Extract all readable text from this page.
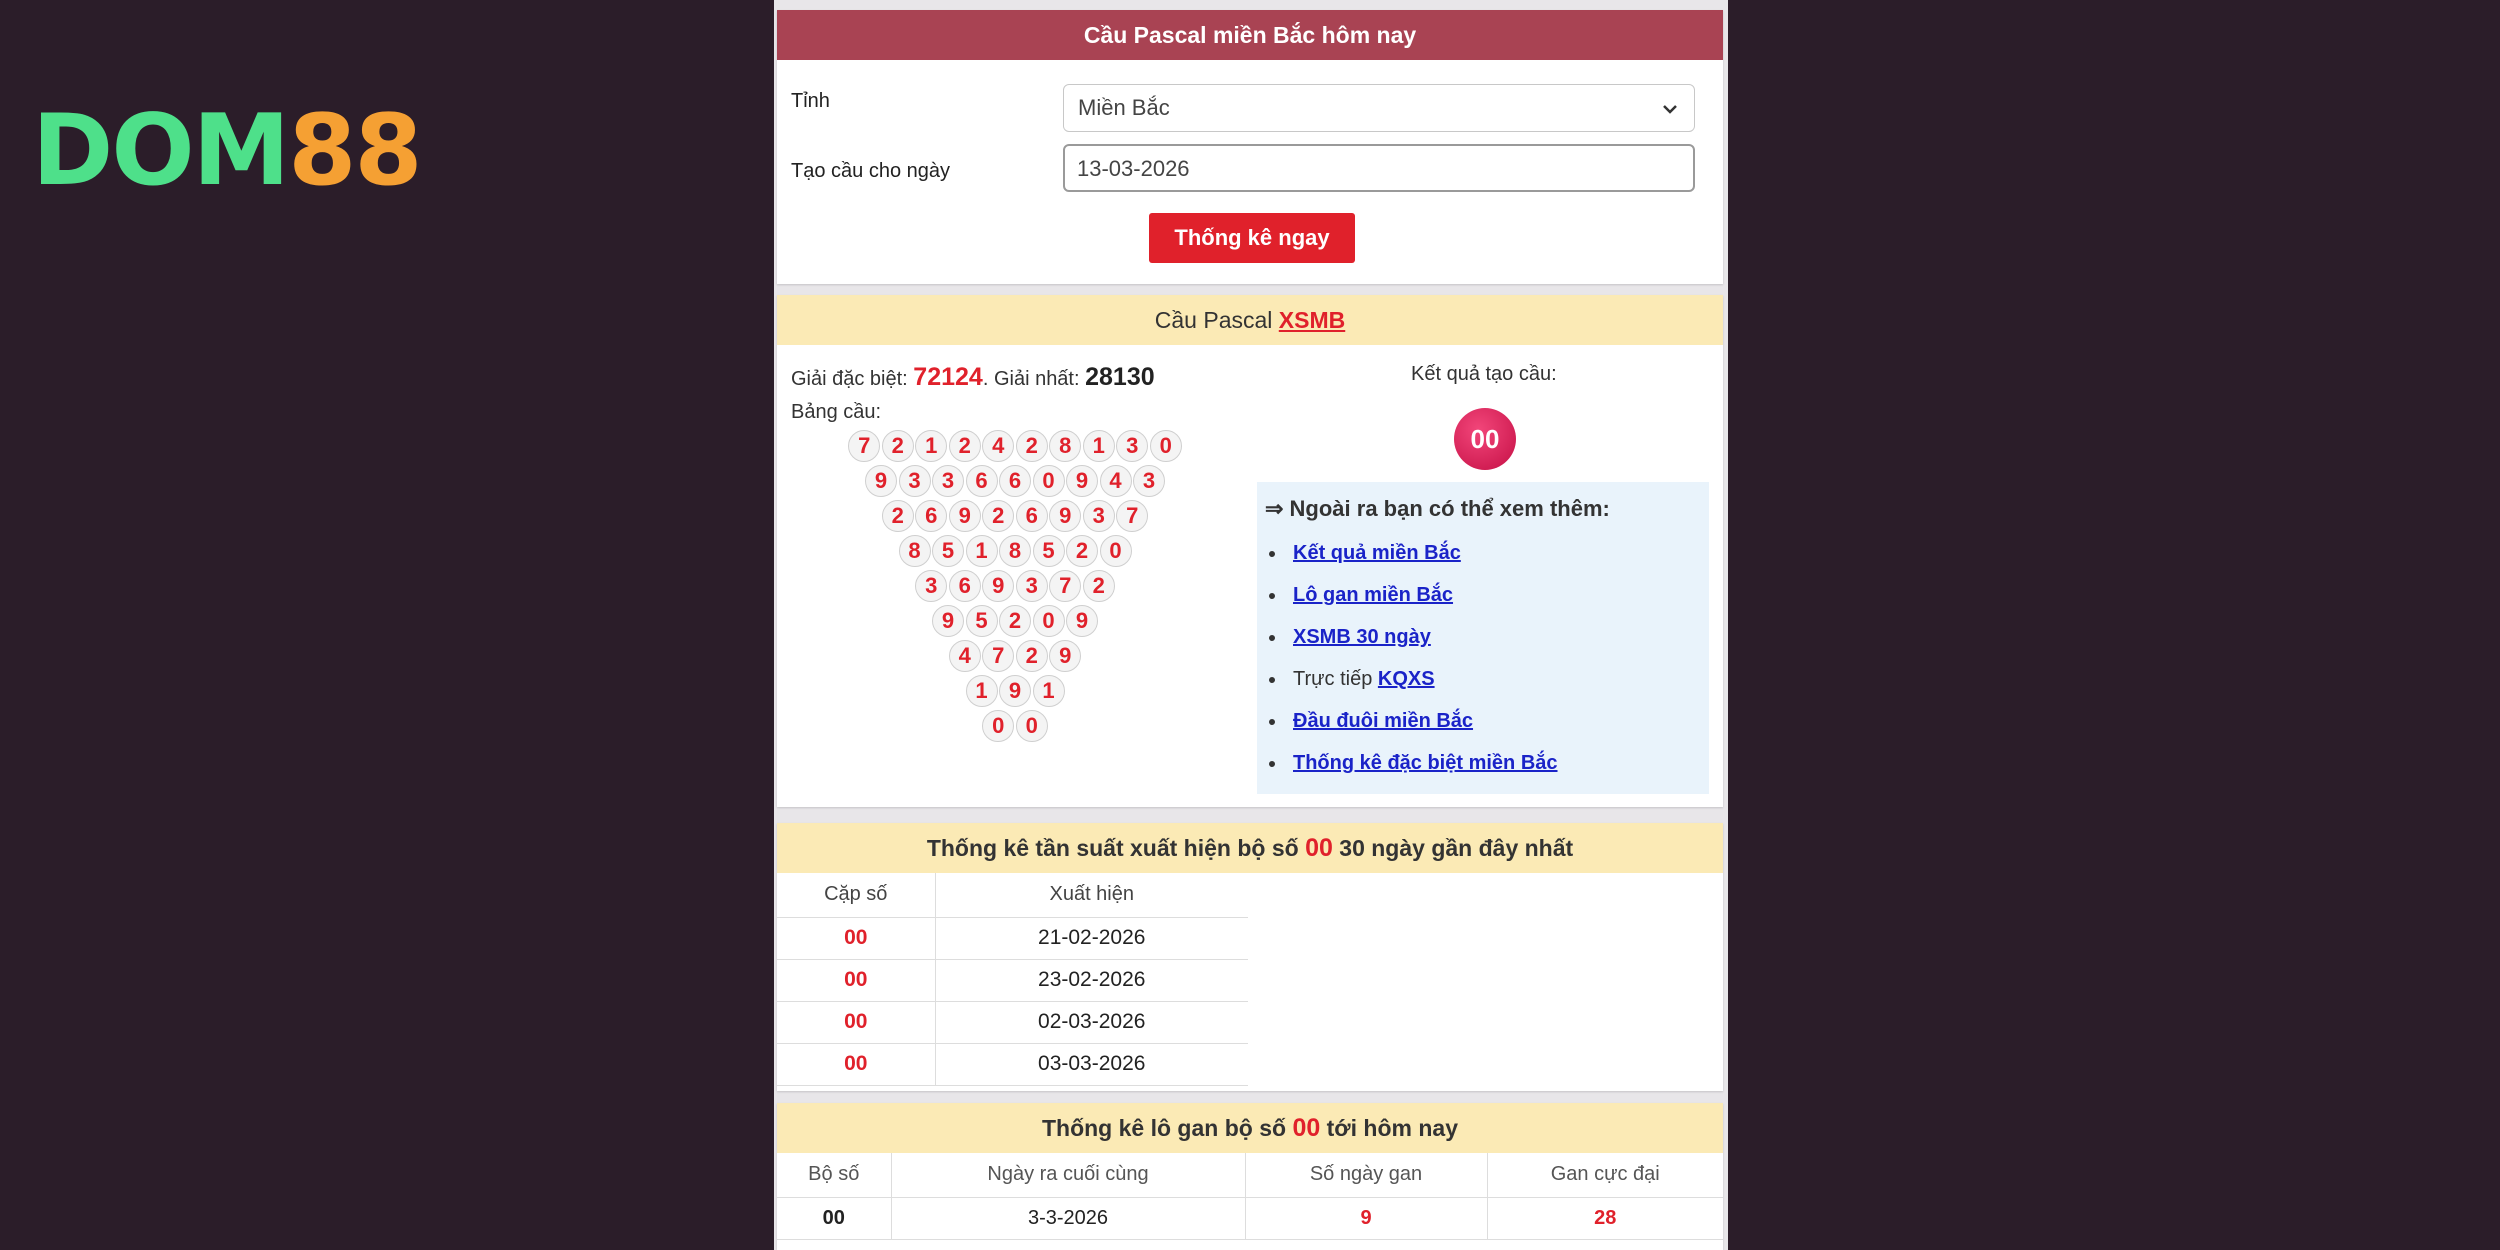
DOM88
Cầu Pascal miền Bắc hôm nay
Tỉnh	Miền Bắc
Tạo cầu cho ngày	13-03-2026
Thống kê ngay
Cầu Pascal XSMB
Giải đặc biệt: 72124. Giải nhất: 28130
Bảng cầu:
7 2 1 2 4 2 8 1 3 0
9 3 3 6 6 0 9 4 3
2 6 9 2 6 9 3 7
8 5 1 8 5 2 0
3 6 9 3 7 2
9 5 2 0 9
4 7 2 9
1 9 1
0 0
Kết quả tạo cầu:
00
⇒ Ngoài ra bạn có thể xem thêm:
Kết quả miền Bắc
Lô gan miền Bắc
XSMB 30 ngày
Trực tiếp KQXS
Đầu đuôi miền Bắc
Thống kê đặc biệt miền Bắc
Thống kê tần suất xuất hiện bộ số 00 30 ngày gần đây nhất
Cặp số	Xuất hiện
00	21-02-2026
00	23-02-2026
00	02-03-2026
00	03-03-2026
Thống kê lô gan bộ số 00 tới hôm nay
Bộ số	Ngày ra cuối cùng	Số ngày gan	Gan cực đại
00	3-3-2026	9	28
